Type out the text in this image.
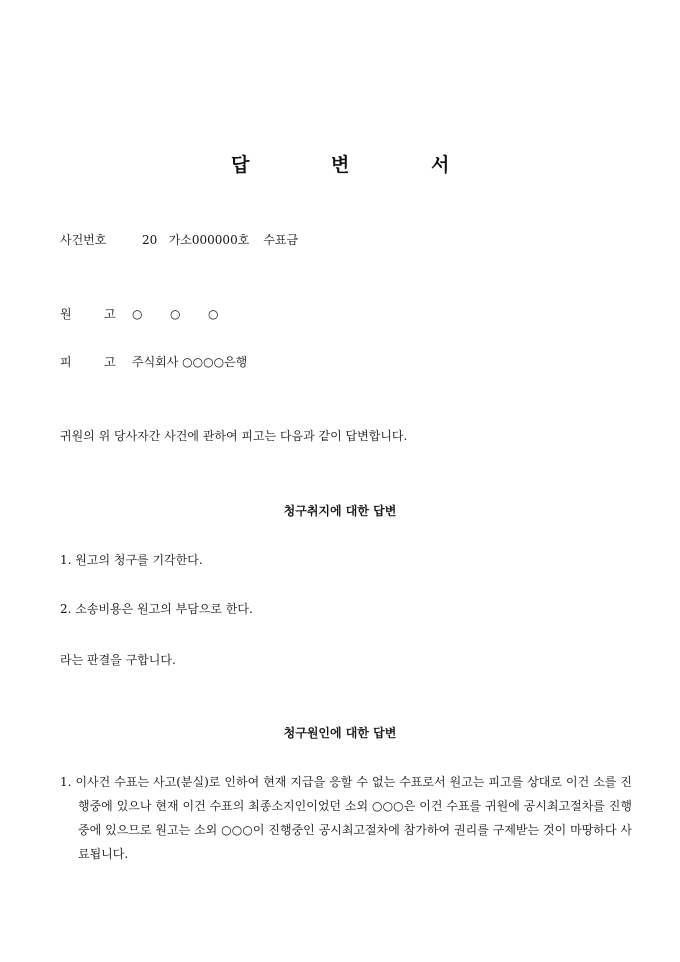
답	변	서
사건번호	20   가소000000호 수표금
원	고 ○ ○ ○
피	고 주식회사 ○○○○은행
귀원의 위 당사자간 사건에 관하여 피고는 다음과 같이 답변합니다.
청구취지에 대한 답변
1. 원고의 청구를 기각한다.
2. 소송비용은 원고의 부담으로 한다.
라는 판결을 구합니다.
청구원인에 대한 답변
1. 이사건 수표는 사고(분실)로 인하여 현재 지급을 응할 수 없는 수표로서 원고는 피고를 상대로 이건 소를 진행중에 있으나 현재 이건 수표의 최종소지인이었던 소외 ○○○은 이건 수표를 귀원에 공시최고절차를 진행중에 있으므로 원고는 소외 ○○○이 진행중인 공시최고절차에 참가하여 권리를 구제받는 것이 마땅하다 사료됩니다.
